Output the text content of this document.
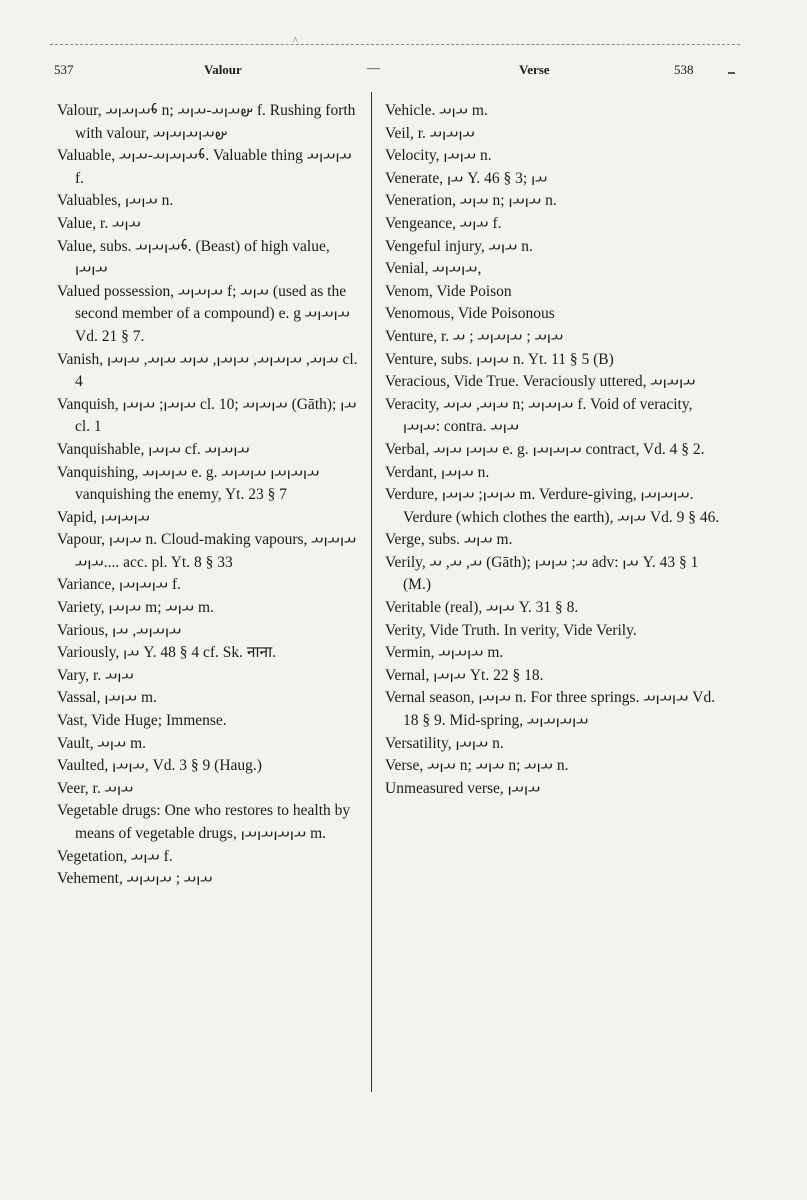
^
537	Valour	—	Verse	538

Valour, 𐬨𐬀𐬥𐬀𐬥𐬀 n; 𐬵𐬀𐬥𐬀-𐬀𐬥𐬀 f. Rushing forth with valour, 𐬵𐬀𐬥𐬀𐬥𐬀𐬥𐬀

Valuable, 𐬨𐬀𐬥𐬀𐬥𐬀-𐬀𐬥𐬀. Valuable thing 𐬀𐬥𐬀𐬥𐬀 f.

Valuables, 𐬀𐬥𐬀𐬥 n.

Value, r. 𐬀𐬥𐬀

Value, subs. 𐬨𐬀𐬥𐬀𐬥𐬀. (Beast) of high value, 𐬀𐬥𐬀𐬥

Valued possession, 𐬀𐬥𐬀𐬥𐬀 f; 𐬀𐬥𐬀 (used as the second member of a compound) e. g 𐬀𐬥𐬀𐬥𐬀 Vd. 21 § 7.

Vanish, 𐬀𐬥𐬀, 𐬀𐬥𐬀𐬥𐬀, 𐬀𐬥𐬀𐬥, 𐬀𐬥𐬀 𐬀𐬥𐬀, 𐬀𐬥𐬀𐬥 cl. 4

Vanquish, 𐬀𐬥𐬀𐬥; 𐬀𐬥𐬀𐬥 cl. 10; 𐬀𐬥𐬀𐬥𐬀 (Gāth); 𐬀𐬥 cl. 1

Vanquishable, 𐬀𐬥𐬀𐬥 cf. 𐬀𐬥𐬀𐬥𐬀

Vanquishing, 𐬀𐬥𐬀𐬥𐬀 e. g. 𐬀𐬥𐬀𐬥𐬀𐬥 𐬀𐬥𐬀𐬥𐬀 vanquishing the enemy, Yt. 23 § 7

Vapid, 𐬀𐬥𐬀𐬥𐬀𐬥

Vapour, 𐬀𐬥𐬀𐬥 n. Cloud-making vapours, 𐬀𐬥𐬀𐬥𐬀 ....𐬀𐬥𐬀 acc. pl. Yt. 8 § 33

Variance, 𐬀𐬥𐬀𐬥𐬀𐬥 f.

Variety, 𐬀𐬥𐬀𐬥 m; 𐬀𐬥𐬀 m.

Various, 𐬀𐬥𐬀𐬥𐬀, 𐬀𐬥

Variously, 𐬀𐬥 Y. 48 § 4 cf. Sk. नाना.

Vary, r. 𐬀𐬥𐬀

Vassal, 𐬀𐬥𐬀𐬥 m.

Vast, Vide Huge; Immense.

Vault, 𐬀𐬥𐬀 m.

Vaulted, 𐬀𐬥𐬀𐬥, Vd. 3 § 9 (Haug.)

Veer, r. 𐬀𐬥𐬀

Vegetable drugs: One who restores to health by means of vegetable drugs, 𐬀𐬥𐬀𐬥𐬀𐬥𐬀𐬥 m.

Vegetation, 𐬀𐬥𐬀 f.

Vehement, 𐬀𐬥𐬀 ; 𐬀𐬥𐬀𐬥𐬀

Vehicle. 𐬀𐬥𐬀 m.

Veil, r. 𐬀𐬥𐬀𐬥𐬀

Velocity, 𐬀𐬥𐬀𐬥 n.

Venerate, 𐬀𐬥 Y. 46 § 3; 𐬀𐬥

Veneration, 𐬀𐬥𐬀 n; 𐬀𐬥𐬀𐬥 n.

Vengeance, 𐬀𐬥𐬀 f.

Vengeful injury, 𐬀𐬥𐬀 n.

Venial, 𐬀𐬥𐬀𐬥𐬀,

Venom, Vide Poison

Venomous, Vide Poisonous

Venture, r. 𐬀𐬥𐬀 ; 𐬀𐬥𐬀𐬥𐬀 ; 𐬀

Venture, subs. 𐬀𐬥𐬀𐬥 n. Yt. 11 § 5 (B)

Veracious, Vide True. Veraciously uttered, 𐬀𐬥𐬀𐬥𐬀

Veracity, 𐬀𐬥𐬀, 𐬀𐬥𐬀 n; 𐬀𐬥𐬀𐬥𐬀 f. Void of veracity, 𐬀𐬥𐬀𐬥: contra. 𐬀𐬥𐬀

Verbal, 𐬀𐬥𐬀𐬥 𐬀𐬥𐬀 e. g. 𐬀𐬥𐬀𐬥𐬀𐬥 contract, Vd. 4 § 2.

Verdant, 𐬀𐬥𐬀𐬥 n.

Verdure, 𐬀𐬥𐬀𐬥; 𐬀𐬥𐬀𐬥 m. Verdure-giving, 𐬀𐬥𐬀𐬥𐬀𐬥. Verdure (which clothes the earth), 𐬀𐬥𐬀 Vd. 9 § 46.

Verge, subs. 𐬀𐬥𐬀 m.

Verily, 𐬀, 𐬀, 𐬀 (Gāth); 𐬀; 𐬀𐬥𐬀𐬥 adv: 𐬀𐬥 Y. 43 § 1 (M.)

Veritable (real), 𐬀𐬥𐬀 Y. 31 § 8.

Verity, Vide Truth. In verity, Vide Verily.

Vermin, 𐬀𐬥𐬀𐬥𐬀 m.

Vernal, 𐬀𐬥𐬀𐬥 Yt. 22 § 18.

Vernal season, 𐬀𐬥𐬀𐬥 n. For three springs. 𐬀𐬥𐬀𐬥𐬀 Vd. 18 § 9. Mid-spring, 𐬀𐬥𐬀𐬥𐬀𐬥𐬀

Versatility, 𐬀𐬥𐬀𐬥 n.

Verse, 𐬀𐬥𐬀 n; 𐬀𐬥𐬀 n; 𐬀𐬥𐬀 n.

Unmeasured verse, 𐬀𐬥𐬀𐬥
